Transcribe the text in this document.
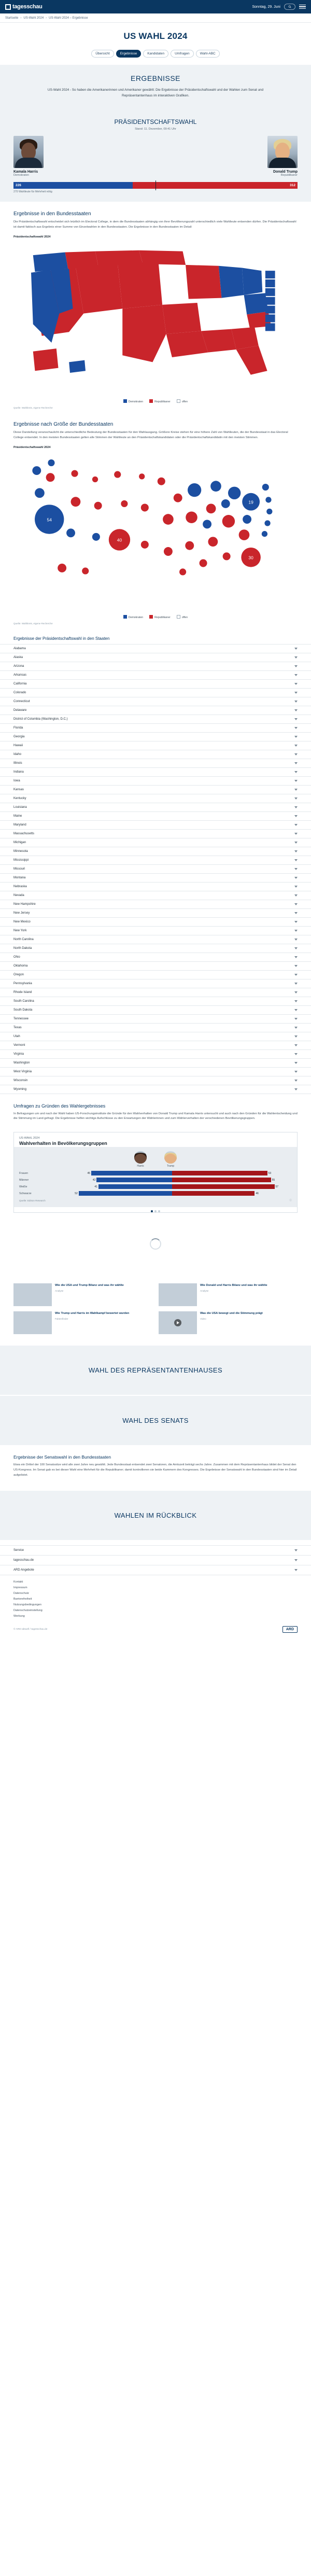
tagesschau	Sonntag, 29. Juni
Startseite › US-Wahl 2024 › US-Wahl 2024 – Ergebnisse
US WAHL 2024
Übersicht	Ergebnisse	Kandidaten	Umfragen	Wahl-ABC
ERGEBNISSE

US-Wahl 2024 - So haben die Amerikanerinnen und Amerikaner gewählt: Die Ergebnisse der Präsidentschaftswahl und der Wahlen zum Senat und Repräsentantenhaus im interaktiven Grafiken.

PRÄSIDENTSCHAFTSWAHL
Stand: 11. Dezember, 09:41 Uhr
Kamala Harris
Demokraten
Donald Trump
Republikaner
226	312
270 Wahlleute für Mehrheit nötig
Ergebnisse in den Bundesstaaten

Die Präsidentschaftswahl entscheidet sich letztlich im Electoral College, in dem die Bundesstaaten abhängig von ihrer Bevölkerungszahl unterschiedlich viele Wahlleute entsenden dürfen. Die Präsidentschaftswahl ist damit faktisch aus Ergebnis einer Summe von Einzelwahlen in den Bundesstaaten. Die Ergebnisse in den Bundesstaaten im Detail:

Präsidentschaftswahl 2024
Demokraten	Republikaner	offen
Quelle: Wahlkreis, eigene Recherche
Ergebnisse nach Größe der Bundesstaaten

Diese Darstellung veranschaulicht die unterschiedliche Bedeutung der Bundesstaaten für den Wahlausgang. Größere Kreise stehen für eine höhere Zahl von Wahlleuten, die der Bundesstaat in das Electoral College entsendet. In den meisten Bundesstaaten gelten alle Stimmen der Wahlleute an den Präsidentschaftskandidaten oder die Präsidentschaftskandidatin mit den meisten Stimmen.

Präsidentschaftswahl 2024
54
40
30
19
Demokraten	Republikaner	offen
Quelle: Wahlkreis, eigene Recherche
Ergebnisse der Präsidentschaftswahl in den Staaten
Alabama
Alaska
Arizona
Arkansas
California
Colorado
Connecticut
Delaware
District of Columbia (Washington, D.C.)
Florida
Georgia
Hawaii
Idaho
Illinois
Indiana
Iowa
Kansas
Kentucky
Louisiana
Maine
Maryland
Massachusetts
Michigan
Minnesota
Mississippi
Missouri
Montana
Nebraska
Nevada
New Hampshire
New Jersey
New Mexico
New York
North Carolina
North Dakota
Ohio
Oklahoma
Oregon
Pennsylvania
Rhode Island
South Carolina
South Dakota
Tennessee
Texas
Utah
Vermont
Virginia
Washington
West Virginia
Wisconsin
Wyoming
Umfragen zu Gründen des Wahlergebnisses

In Befragungen um und nach der Wahl haben US-Forschungsinstitute die Gründe für den Wahlverhalten von Donald Trump und Kamala Harris untersucht und auch nach den Gründen für die Wahlentscheidung und die Stimmung im Land gefragt. Die Ergebnisse helfen wichtige Aufschlüsse zu den Erwartungen der Wählerinnen und zum Wählerverhalten der verschiedenen Bevölkerungsgruppen.

US-WAHL 2024
Wahlverhalten in Bevölkerungsgruppen
Harris	Trump
Frauen	45	53
Männer	42	55
Weiße	41	57
Schwarze	52	46
Quelle: Edison Research	ⓘ
Wie die USA und Trump Bilanz und was ihr wählte
Analyse
Wie Donald und Harris Bilanz und was ihr wählte
Analyse
Wie Trump und Harris im Wahlkampf bewertet wurden
Faktenfinder
Was die USA bewegt und die Stimmung prägt
Video
WAHL DES REPRÄSENTANTENHAUSES
WAHL DES SENATS
Ergebnisse der Senatswahl in den Bundesstaaten

Etwa ein Drittel der 100 Senatssitze wird alle zwei Jahre neu gewählt. Jede Bundesstaat entsendet zwei Senatoren, die Amtszeit beträgt sechs Jahre. Zusammen mit dem Repräsentantenhaus bildet der Senat den US-Kongress. Im Senat gab es bei dieser Wahl eine Mehrheit für die Republikaner; damit kontrollieren sie beide Kammern des Kongresses. Die Ergebnisse der Senatswahl in den Bundesstaaten sind hier im Detail aufgelistet.

WAHLEN IM RÜCKBLICK
Service
tagesschau.de
ARD Angebote
Kontakt
Impressum
Datenschutz
Barrierefreiheit
Nutzungsbedingungen
Datenschutzeinstellung
Werbung
© ARD-aktuell / tagesschau.de	ARD
